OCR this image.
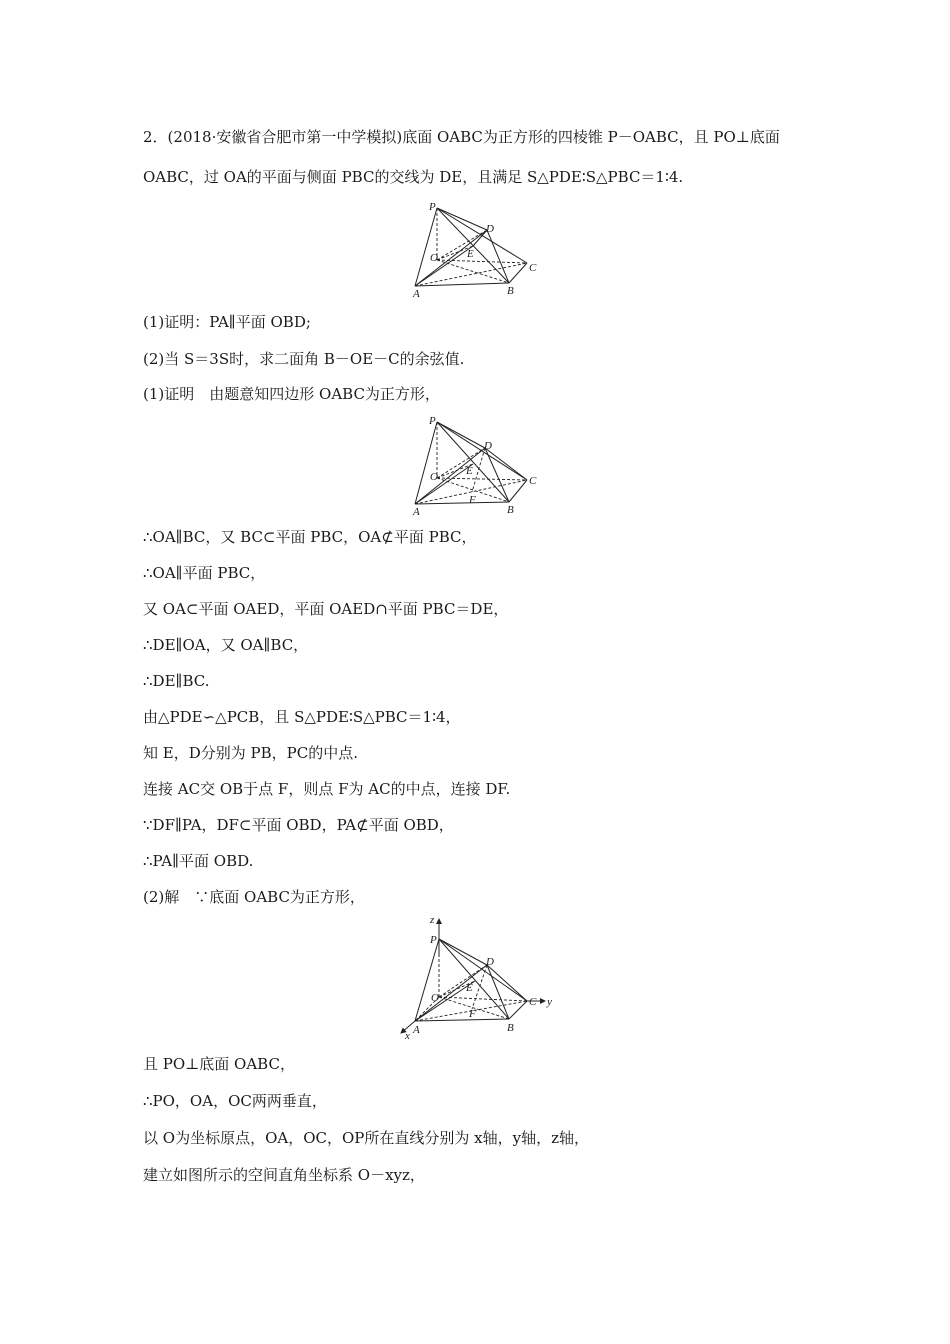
2．(2018·安徽省合肥市第一中学模拟)底面 OABC为正方形的四棱锥 P－OABC，且 PO⊥底面
OABC，过 OA的平面与侧面 PBC的交线为 DE，且满足 S△PDE∶S△PBC＝1∶4.
P
D
O	E
C
A	B
(1)证明：PA∥平面 OBD;
(2)当 S＝3S时，求二面角 B－OE－C的余弦值.
(1)证明　由题意知四边形 OABC为正方形，
P
D
O	E
F
C
A	B
∴OA∥BC，又 BC⊂平面 PBC，OA⊄平面 PBC，
∴OA∥平面 PBC，
又 OA⊂平面 OAED，平面 OAED∩平面 PBC＝DE，
∴DE∥OA，又 OA∥BC，
∴DE∥BC.
由△PDE∽△PCB，且 S△PDE∶S△PBC＝1∶4，
知 E，D分别为 PB，PC的中点.
连接 AC交 OB于点 F，则点 F为 AC的中点，连接 DF.
∵DF∥PA，DF⊂平面 OBD，PA⊄平面 OBD，
∴PA∥平面 OBD.
(2)解　∵底面 OABC为正方形，
z
P
D
O
E
F
C y
A	B
x
且 PO⊥底面 OABC，
∴PO，OA，OC两两垂直，
以 O为坐标原点，OA，OC，OP所在直线分别为 x轴，y轴，z轴，
建立如图所示的空间直角坐标系 O－xyz，
